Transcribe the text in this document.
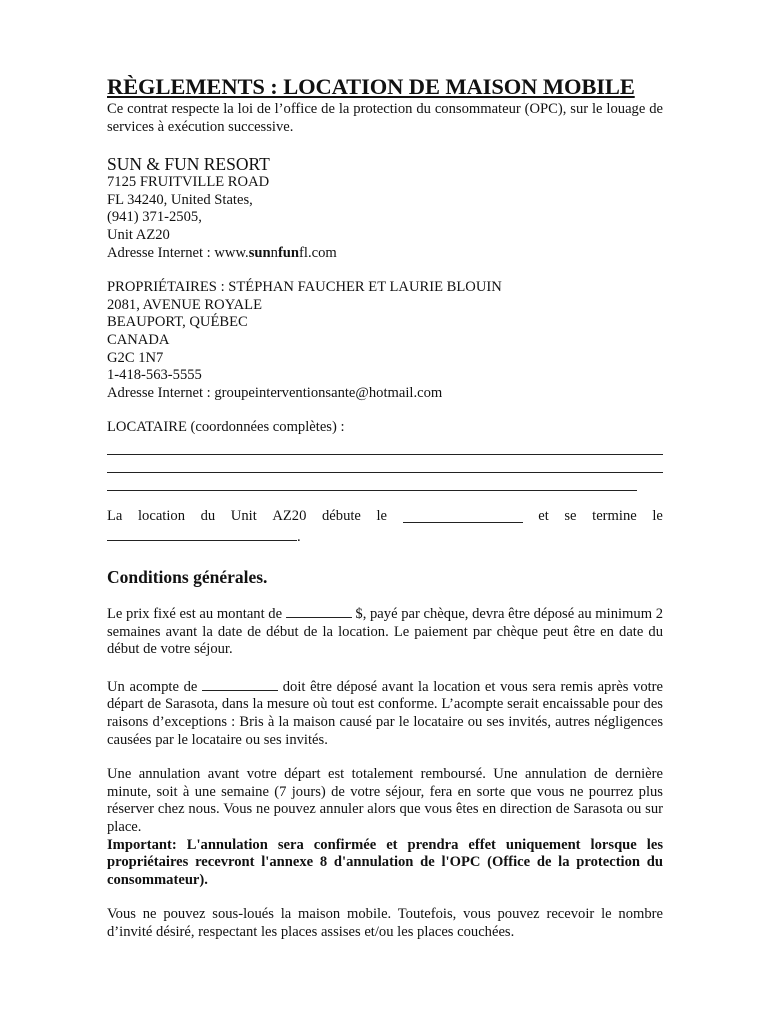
RÈGLEMENTS : LOCATION DE MAISON MOBILE

Ce contrat respecte la loi de l’office de la protection du consommateur (OPC), sur le louage de services à exécution successive.

SUN & FUN RESORT

7125 FRUITVILLE ROAD

FL 34240, United States,

(941) 371-2505,

Unit AZ20

Adresse Internet : www.sunnfunfl.com

PROPRIÉTAIRES : STÉPHAN FAUCHER ET LAURIE BLOUIN

2081, AVENUE ROYALE

BEAUPORT, QUÉBEC

CANADA

G2C 1N7

1-418-563-5555

Adresse Internet : groupeinterventionsante@hotmail.com

LOCATAIRE (coordonnées complètes) :

La location du Unit AZ20 débute le	et se termine le

.

Conditions générales.

Le prix fixé est au montant de	$, payé par chèque, devra être déposé au minimum 2 semaines avant la date de début de la location. Le paiement par chèque peut être en date du début de votre séjour.

Un acompte de	doit être déposé avant la location et vous sera remis après votre départ de Sarasota, dans la mesure où tout est conforme. L’acompte serait encaissable pour des raisons d’exceptions : Bris à la maison causé par le locataire ou ses invités, autres négligences causées par le locataire ou ses invités.

Une annulation avant votre départ est totalement remboursé. Une annulation de dernière minute, soit à une semaine (7 jours) de votre séjour, fera en sorte que vous ne pourrez plus réserver chez nous. Vous ne pouvez annuler alors que vous êtes en direction de Sarasota ou sur place.

Important: L'annulation sera confirmée et prendra effet uniquement lorsque les propriétaires recevront l'annexe 8 d'annulation de l'OPC (Office de la protection du consommateur).

Vous ne pouvez sous-loués la maison mobile. Toutefois, vous pouvez recevoir le nombre d’invité désiré, respectant les places assises et/ou les places couchées.
